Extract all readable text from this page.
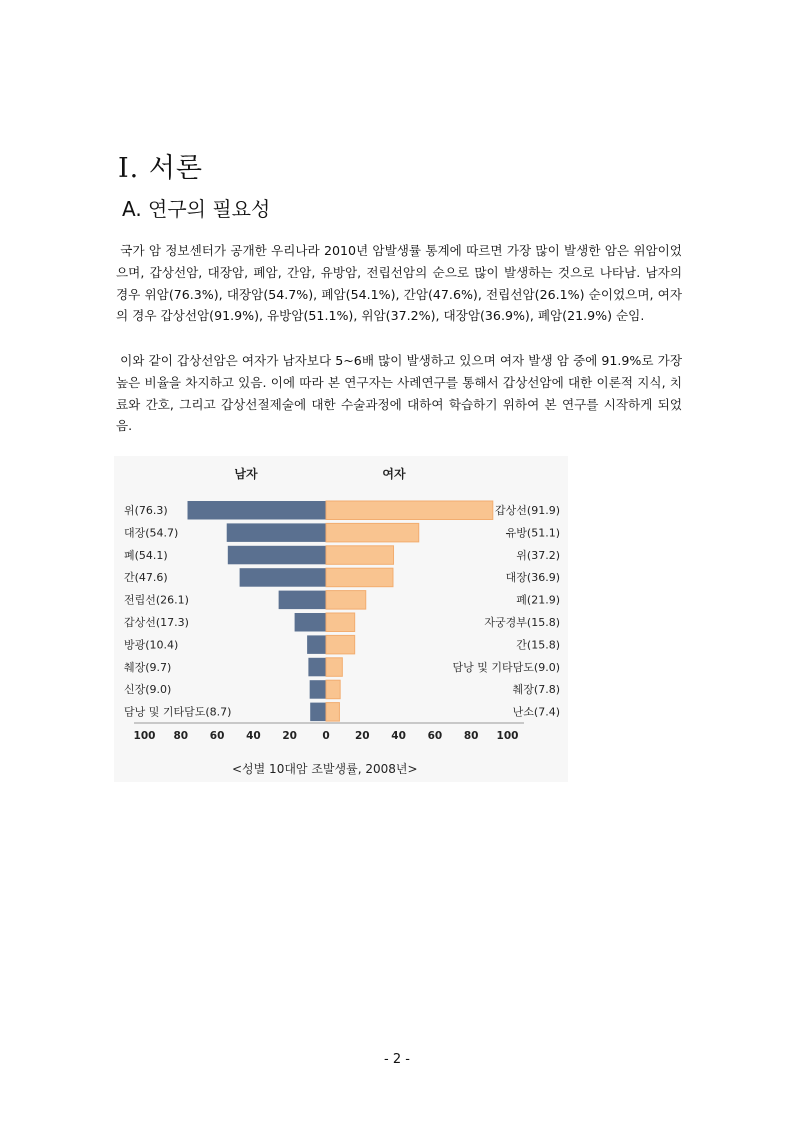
Ⅰ. 서론
A. 연구의 필요성
국가 암 정보센터가 공개한 우리나라 2010년 암발생률 통계에 따르면 가장 많이 발생한 암은 위암이었으며, 갑상선암, 대장암, 폐암, 간암, 유방암, 전립선암의 순으로 많이 발생하는 것으로 나타남. 남자의 경우 위암(76.3%), 대장암(54.7%), 폐암(54.1%), 간암(47.6%), 전립선암(26.1%) 순이었으며, 여자의 경우 갑상선암(91.9%), 유방암(51.1%), 위암(37.2%), 대장암(36.9%), 폐암(21.9%) 순임.
이와 같이 갑상선암은 여자가 남자보다 5~6배 많이 발생하고 있으며 여자 발생 암 중에 91.9%로 가장 높은 비율을 차지하고 있음. 이에 따라 본 연구자는 사례연구를 통해서 갑상선암에 대한 이론적 지식, 치료와 간호, 그리고 갑상선절제술에 대한 수술과정에 대하여 학습하기 위하여 본 연구를 시작하게 되었음.
남자	여자
위(76.3)
대장(54.7)
폐(54.1)
간(47.6)
전립선(26.1)
갑상선(17.3)
방광(10.4)
췌장(9.7)
신장(9.0)
담낭 및 기타담도(8.7)
갑상선(91.9)
유방(51.1)
위(37.2)
대장(36.9)
폐(21.9)
자궁경부(15.8)
간(15.8)
담낭 및 기타담도(9.0)
췌장(7.8)
난소(7.4)
100 80 60 40 20 0 20 40 60 80 100
<성별 10대암 조발생률, 2008년>
- 2 -
